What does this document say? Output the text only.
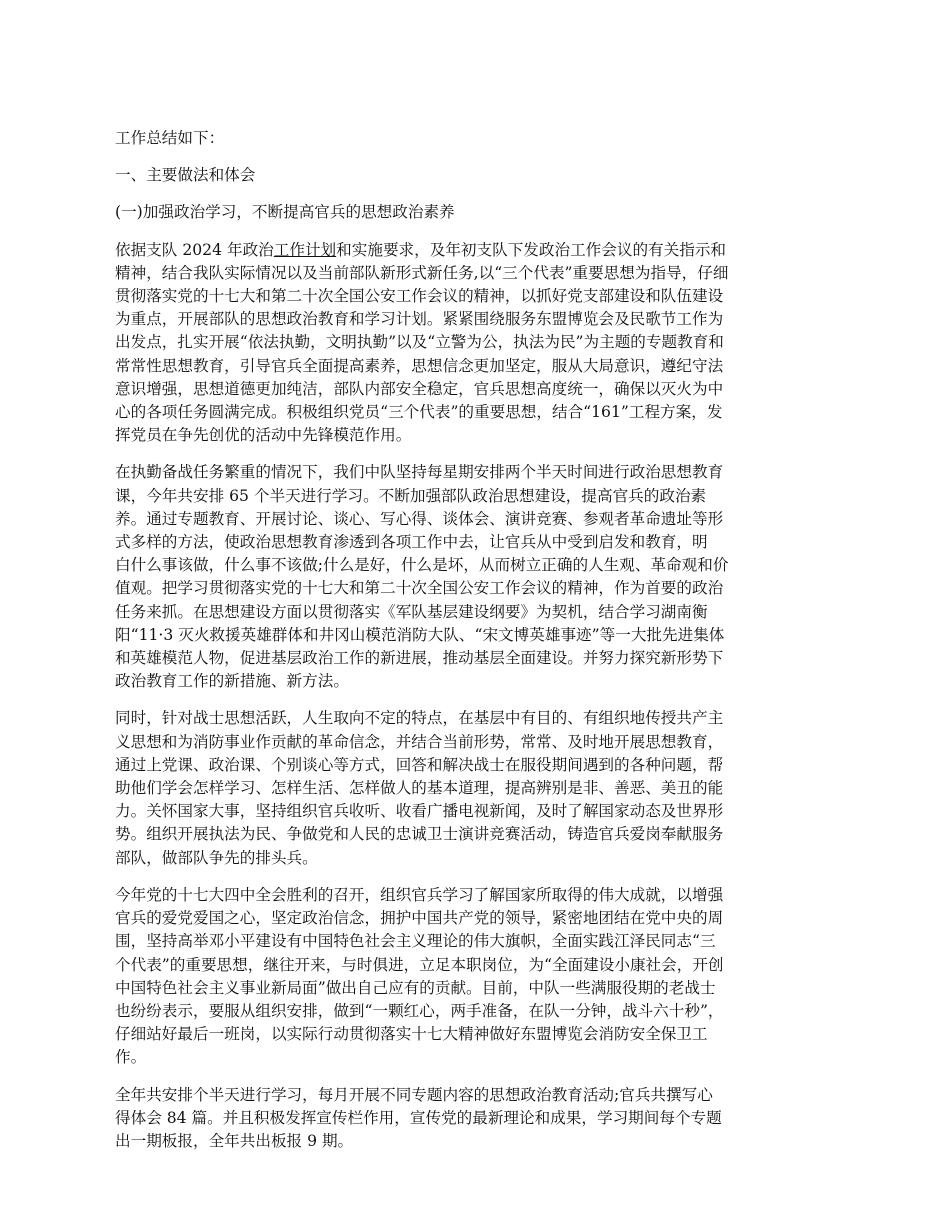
工作总结如下：
一、主要做法和体会
(一)加强政治学习，不断提高官兵的思想政治素养
依据支队 2024 年政治工作计划和实施要求，及年初支队下发政治工作会议的有关指示和
精神，结合我队实际情况以及当前部队新形式新任务,以“三个代表”重要思想为指导，仔细
贯彻落实党的十七大和第二十次全国公安工作会议的精神，以抓好党支部建设和队伍建设
为重点，开展部队的思想政治教育和学习计划。紧紧围绕服务东盟博览会及民歌节工作为
出发点，扎实开展“依法执勤，文明执勤”以及“立警为公，执法为民”为主题的专题教育和
常常性思想教育，引导官兵全面提高素养，思想信念更加坚定，服从大局意识，遵纪守法
意识增强，思想道德更加纯洁，部队内部安全稳定，官兵思想高度统一，确保以灭火为中
心的各项任务圆满完成。积极组织党员“三个代表”的重要思想，结合“161”工程方案，发
挥党员在争先创优的活动中先锋模范作用。
在执勤备战任务繁重的情况下，我们中队坚持每星期安排两个半天时间进行政治思想教育
课，今年共安排 65 个半天进行学习。不断加强部队政治思想建设，提高官兵的政治素
养。通过专题教育、开展讨论、谈心、写心得、谈体会、演讲竞赛、参观者革命遗址等形
式多样的方法，使政治思想教育渗透到各项工作中去，让官兵从中受到启发和教育，明
白什么事该做，什么事不该做;什么是好，什么是坏，从而树立正确的人生观、革命观和价
值观。把学习贯彻落实党的十七大和第二十次全国公安工作会议的精神，作为首要的政治
任务来抓。在思想建设方面以贯彻落实《军队基层建设纲要》为契机，结合学习湖南衡
阳“11·3 灭火救援英雄群体和井冈山模范消防大队、“宋文博英雄事迹”等一大批先进集体
和英雄模范人物，促进基层政治工作的新进展，推动基层全面建设。并努力探究新形势下
政治教育工作的新措施、新方法。
同时，针对战士思想活跃，人生取向不定的特点，在基层中有目的、有组织地传授共产主
义思想和为消防事业作贡献的革命信念，并结合当前形势，常常、及时地开展思想教育，
通过上党课、政治课、个别谈心等方式，回答和解决战士在服役期间遇到的各种问题，帮
助他们学会怎样学习、怎样生活、怎样做人的基本道理，提高辨别是非、善恶、美丑的能
力。关怀国家大事，坚持组织官兵收听、收看广播电视新闻，及时了解国家动态及世界形
势。组织开展执法为民、争做党和人民的忠诚卫士演讲竞赛活动，铸造官兵爱岗奉献服务
部队，做部队争先的排头兵。
今年党的十七大四中全会胜利的召开，组织官兵学习了解国家所取得的伟大成就，以增强
官兵的爱党爱国之心，坚定政治信念，拥护中国共产党的领导，紧密地团结在党中央的周
围，坚持高举邓小平建设有中国特色社会主义理论的伟大旗帜，全面实践江泽民同志“三
个代表”的重要思想，继往开来，与时俱进，立足本职岗位，为“全面建设小康社会，开创
中国特色社会主义事业新局面”做出自己应有的贡献。目前，中队一些满服役期的老战士
也纷纷表示，要服从组织安排，做到“一颗红心，两手准备，在队一分钟，战斗六十秒”，
仔细站好最后一班岗，以实际行动贯彻落实十七大精神做好东盟博览会消防安全保卫工
作。
全年共安排个半天进行学习，每月开展不同专题内容的思想政治教育活动;官兵共撰写心
得体会 84 篇。并且积极发挥宣传栏作用，宣传党的最新理论和成果，学习期间每个专题
出一期板报，全年共出板报 9 期。
